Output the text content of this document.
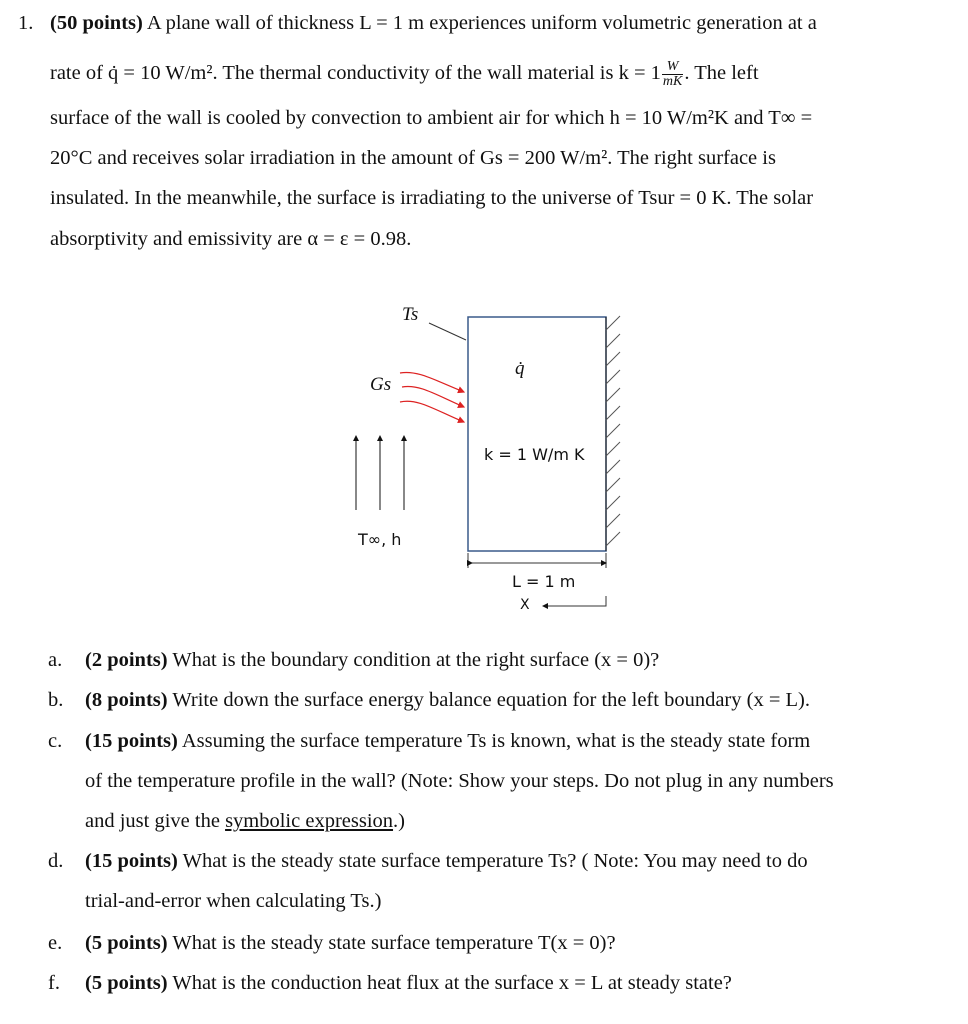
1. (50 points) A plane wall of thickness L = 1 m experiences uniform volumetric generation at a
rate of q̇ = 10 W/m². The thermal conductivity of the wall material is $k = 1 \frac{W}{mK}$ . The left
surface of the wall is cooled by convection to ambient air for which h = 10 W/m²K and T∞ =
20°C and receives solar irradiation in the amount of Gs = 200 W/m². The right surface is
insulated. In the meanwhile, the surface is irradiating to the universe of Tsur = 0 K. The solar
absorptivity and emissivity are α = ε = 0.98.
Ts
Gs
q̇
k = 1 W/m K
T∞, h
L = 1 m
X
a. (2 points) What is the boundary condition at the right surface (x = 0)?
b. (8 points) Write down the surface energy balance equation for the left boundary (x = L).
c. (15 points) Assuming the surface temperature Ts is known, what is the steady state form
of the temperature profile in the wall? (Note: Show your steps. Do not plug in any numbers
and just give the symbolic expression.)
d. (15 points) What is the steady state surface temperature Ts? ( Note: You may need to do
trial-and-error when calculating Ts.)
e. (5 points) What is the steady state surface temperature T(x = 0)?
f. (5 points) What is the conduction heat flux at the surface x = L at steady state?
